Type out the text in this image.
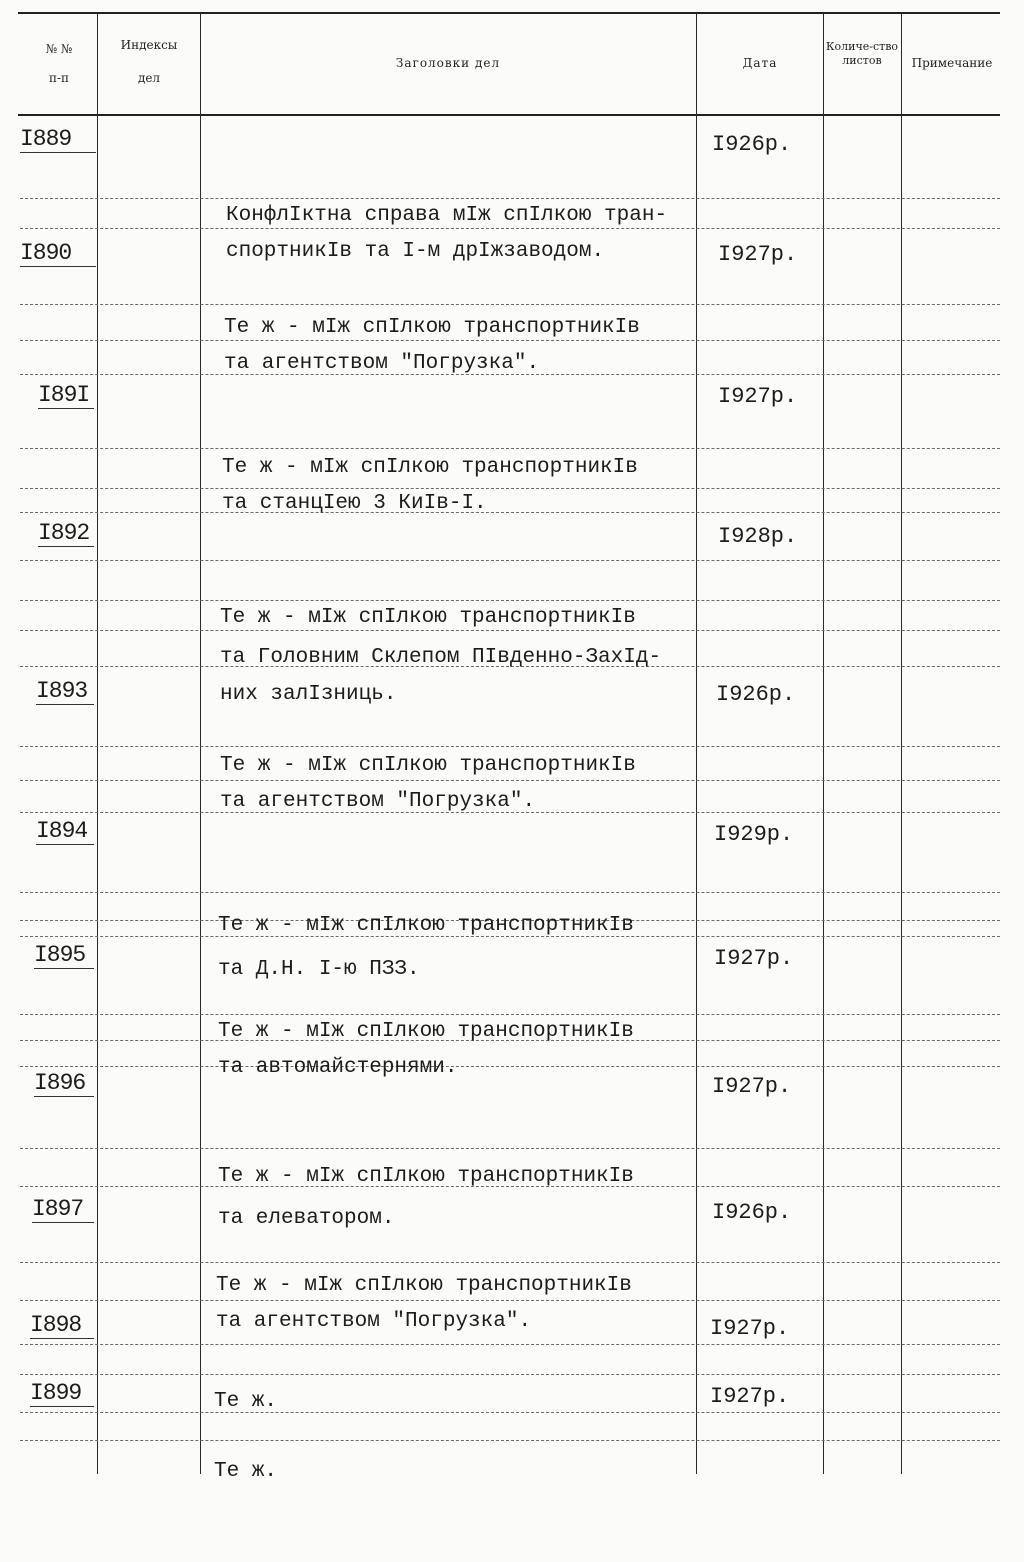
№ №
п-п
Индексы
дел
Заголовки дел	Дата
Количе-ство листов	Примечание
I889

КонфлIктна справа мIж спIлкою тран-
спортникIв та I-м дрIжзаводом.

I926р.
I890

Те ж - мIж спIлкою транспортникIв
та агентством "Погрузка".

I927р.
I89I

Те ж - мIж спIлкою транспортникIв
та станцIею 3 КиIв-I.

I927р.
I892

Те ж - мIж спIлкою транспортникIв
та Головним Склепом ПIвденно-ЗахIд-
них залIзниць.

I928р.
I893

Те ж - мIж спIлкою транспортникIв
та агентством "Погрузка".

I926р.
I894

Те ж - мIж спIлкою транспортникIв
та Д.Н. I-ю ПЗЗ.

I929р.
I895

Те ж - мIж спIлкою транспортникIв
та автомайстернями.

I927р.
I896

Те ж - мIж спIлкою транспортникIв
та елеватором.

I927р.
I897

Те ж - мIж спIлкою транспортникIв
та агентством "Погрузка".

I926р.
I898

Те ж.

I927р.
I899

Те ж.

I927р.
